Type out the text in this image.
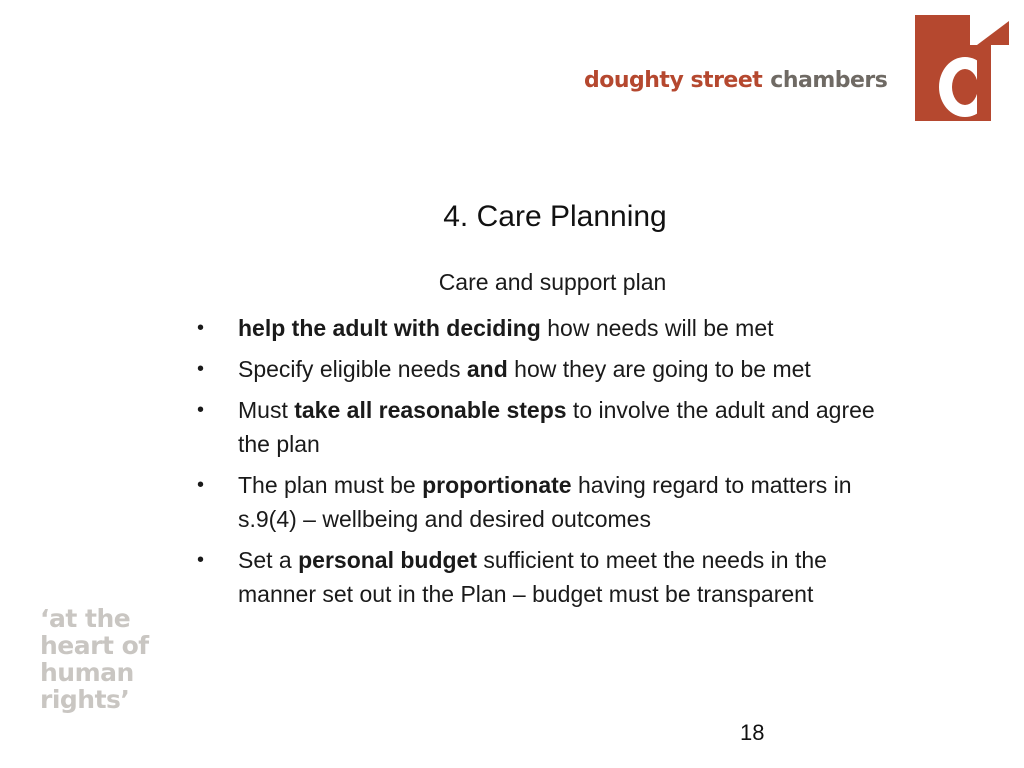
doughty street chambers
4. Care Planning
Care and support plan
• help the adult with deciding how needs will be met
• Specify eligible needs and how they are going to be met
• Must take all reasonable steps to involve the adult and agree the plan
• The plan must be proportionate having regard to matters in s.9(4) – wellbeing and desired outcomes
• Set a personal budget sufficient to meet the needs in the manner set out in the Plan – budget must be transparent
‘at the
heart of
human
rights’
18
